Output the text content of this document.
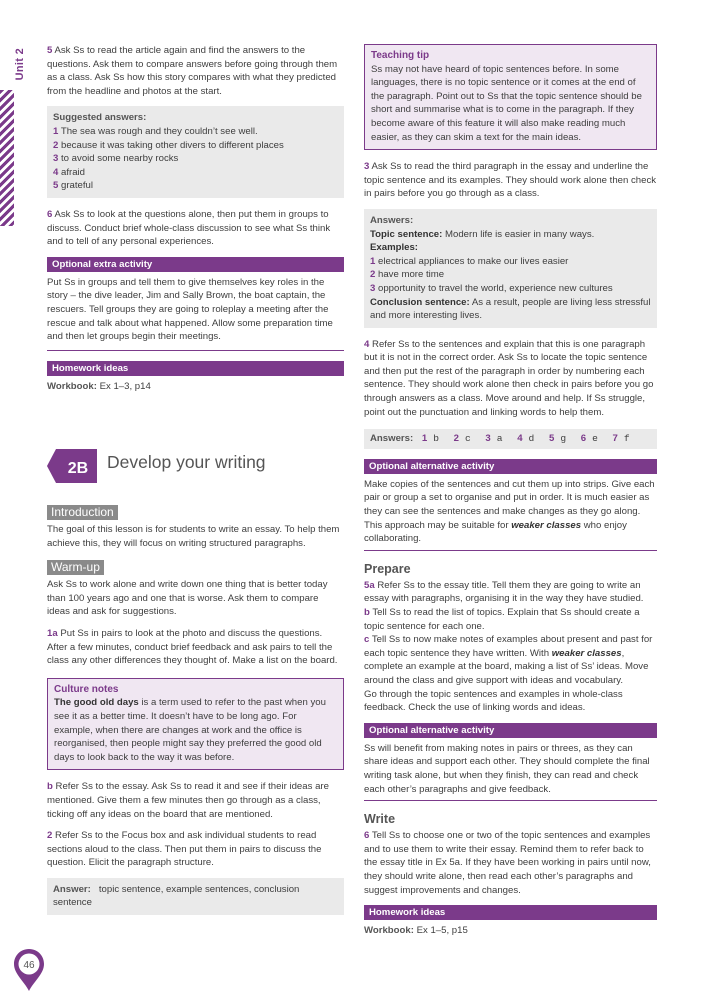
Unit 2 5 Ask Ss to read the article again and find the answers to the questions. Ask them to compare answers before going through them as a class. Ask Ss how this story compares with what they predicted from the headline and photos at the start.

Suggested answers:
1 The sea was rough and they couldn’t see well.
2 because it was taking other divers to different places
3 to avoid some nearby rocks
4 afraid
5 grateful

6 Ask Ss to look at the questions alone, then put them in groups to discuss. Conduct brief whole-class discussion to see what Ss think and to tell of any personal experiences.

Optional extra activity

Put Ss in groups and tell them to give themselves key roles in the story – the dive leader, Jim and Sally Brown, the boat captain, the rescuers. Tell groups they are going to roleplay a meeting after the rescue and talk about what happened. Allow some preparation time and then let groups begin their meetings.

Homework ideas

Workbook: Ex 1–3, p14

2B Develop your writing
Introduction

The goal of this lesson is for students to write an essay. To help them achieve this, they will focus on writing structured paragraphs.

Warm-up

Ask Ss to work alone and write down one thing that is better today than 100 years ago and one that is worse. Ask them to compare ideas and ask for suggestions.

1a Put Ss in pairs to look at the photo and discuss the questions. After a few minutes, conduct brief feedback and ask pairs to tell the class any other differences they thought of. Make a list on the board.

Culture notes
The good old days is a term used to refer to the past when you see it as a better time. It doesn’t have to be long ago. For example, when there are changes at work and the office is reorganised, then people might say they preferred the good old days to look back to the way it was before.

b Refer Ss to the essay. Ask Ss to read it and see if their ideas are mentioned. Give them a few minutes then go through as a class, ticking off any ideas on the board that are mentioned.

2 Refer Ss to the Focus box and ask individual students to read sections aloud to the class. Then put them in pairs to discuss the question. Elicit the paragraph structure.

Answer: topic sentence, example sentences, conclusion sentence
Teaching tip
Ss may not have heard of topic sentences before. In some languages, there is no topic sentence or it comes at the end of the paragraph. Point out to Ss that the topic sentence should be short and summarise what is to come in the paragraph. If they become aware of this feature it will also make reading much easier, as they can skim a text for the main ideas.

3 Ask Ss to read the third paragraph in the essay and underline the topic sentence and its examples. They should work alone then check in pairs before you go through as a class.

Answers:
Topic sentence: Modern life is easier in many ways.
Examples:
1 electrical appliances to make our lives easier
2 have more time
3 opportunity to travel the world, experience new cultures
Conclusion sentence: As a result, people are living less stressful and more interesting lives.

4 Refer Ss to the sentences and explain that this is one paragraph but it is not in the correct order. Ask Ss to locate the topic sentence and then put the rest of the paragraph in order by numbering each sentence. They should work alone then check in pairs before you go through answers as a class. Move around and help. If Ss struggle, point out the punctuation and linking words to help them.

Answers: 1 b 2 c 3 a 4 d 5 g 6 e 7 f
Optional alternative activity

Make copies of the sentences and cut them up into strips. Give each pair or group a set to organise and put in order. It is much easier as they can see the sentences and make changes as they go along. This approach may be suitable for weaker classes who enjoy collaborating.

Prepare
5a Refer Ss to the essay title. Tell them they are going to write an essay with paragraphs, organising it in the way they have studied.
b Tell Ss to read the list of topics. Explain that Ss should create a topic sentence for each one.
c Tell Ss to now make notes of examples about present and past for each topic sentence they have written. With weaker classes, complete an example at the board, making a list of Ss’ ideas. Move around the class and give support with ideas and vocabulary.

Go through the topic sentences and examples in whole-class feedback. Check the use of linking words and ideas.

Optional alternative activity

Ss will benefit from making notes in pairs or threes, as they can share ideas and support each other. They should complete the final writing task alone, but when they finish, they can read and check each other’s paragraphs and give feedback.

Write

6 Tell Ss to choose one or two of the topic sentences and examples and to use them to write their essay. Remind them to refer back to the essay title in Ex 5a. If they have been working in pairs until now, they should write alone, then read each other’s paragraphs and suggest improvements and changes.

Homework ideas

Workbook: Ex 1–5, p15

46
